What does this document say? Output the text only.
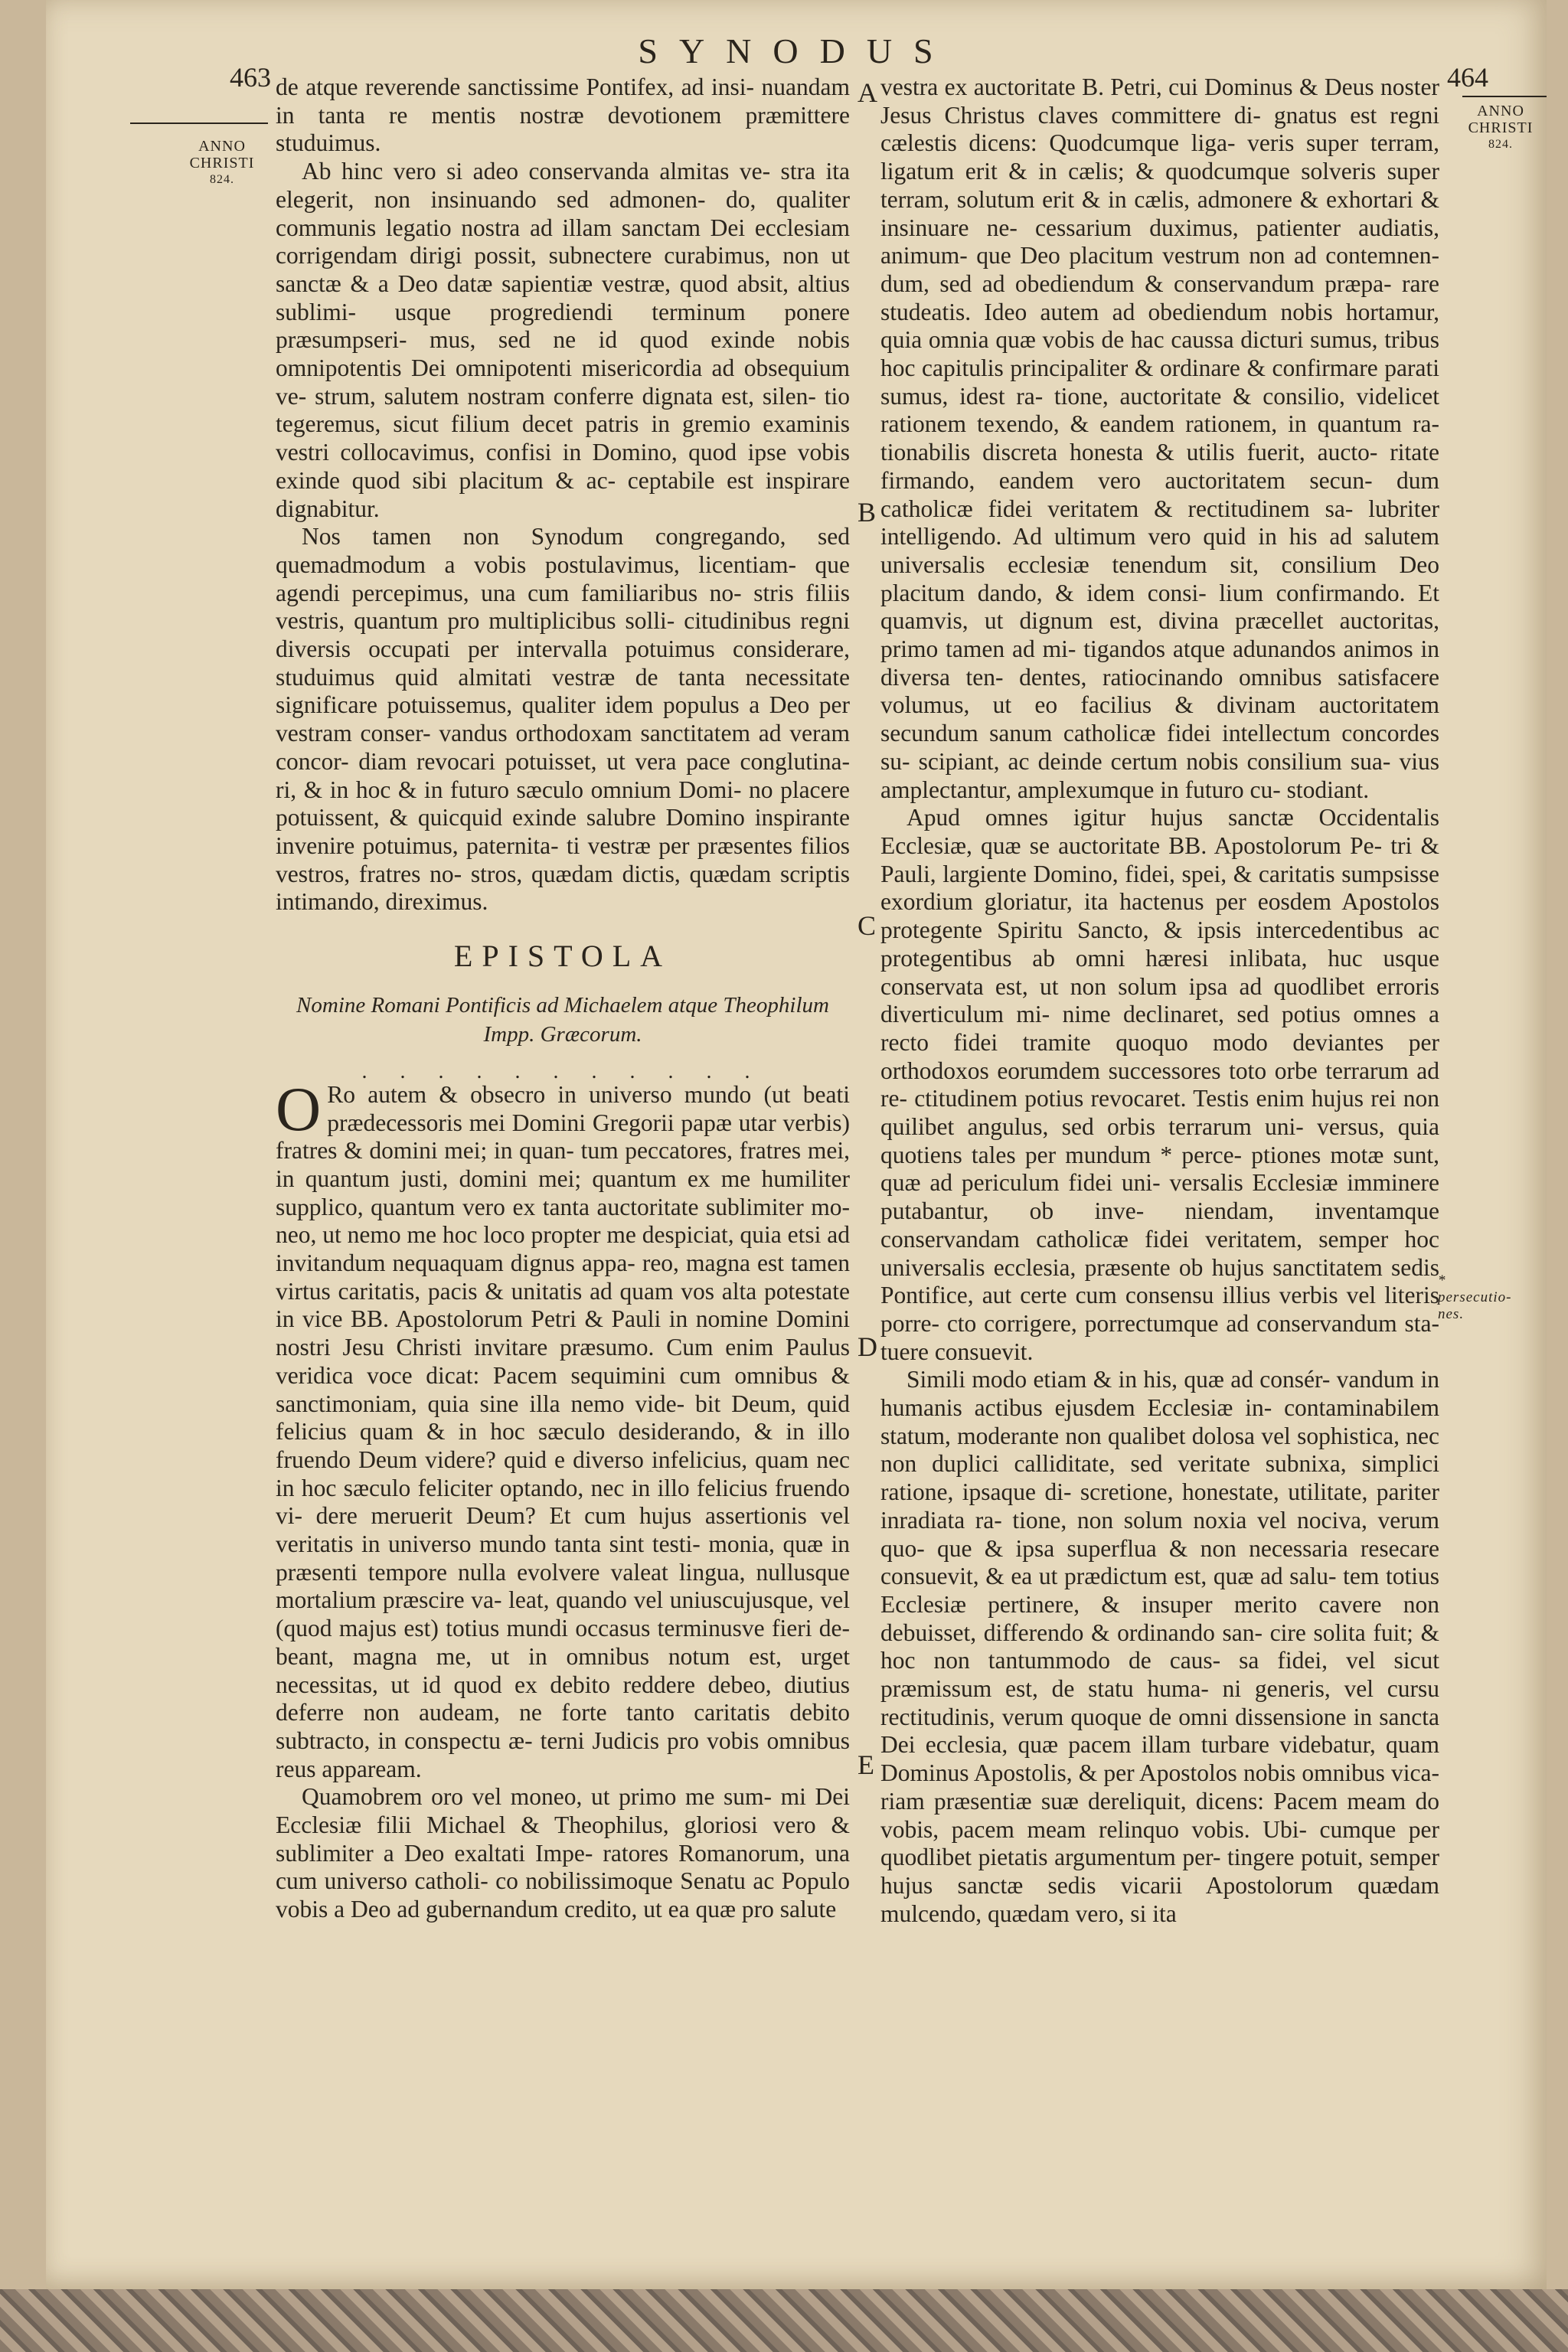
SYNODUS
463	464
ANNO
CHRISTI
824.
ANNO
CHRISTI
824.
* persecutio-
nes.
A
B
C
D
E

de atque reverende sanctissime Pontifex, ad insi- nuandam in tanta re mentis nostræ devotionem præmittere studuimus.

Ab hinc vero si adeo conservanda almitas ve- stra ita elegerit, non insinuando sed admonen- do, qualiter communis legatio nostra ad illam sanctam Dei ecclesiam corrigendam dirigi possit, subnectere curabimus, non ut sanctæ & a Deo datæ sapientiæ vestræ, quod absit, altius sublimi- usque progrediendi terminum ponere præsumpseri- mus, sed ne id quod exinde nobis omnipotentis Dei omnipotenti misericordia ad obsequium ve- strum, salutem nostram conferre dignata est, silen- tio tegeremus, sicut filium decet patris in gremio examinis vestri collocavimus, confisi in Domino, quod ipse vobis exinde quod sibi placitum & ac- ceptabile est inspirare dignabitur.

Nos tamen non Synodum congregando, sed quemadmodum a vobis postulavimus, licentiam- que agendi percepimus, una cum familiaribus no- stris filiis vestris, quantum pro multiplicibus solli- citudinibus regni diversis occupati per intervalla potuimus considerare, studuimus quid almitati vestræ de tanta necessitate significare potuissemus, qualiter idem populus a Deo per vestram conser- vandus orthodoxam sanctitatem ad veram concor- diam revocari potuisset, ut vera pace conglutina- ri, & in hoc & in futuro sæculo omnium Domi- no placere potuissent, & quicquid exinde salubre Domino inspirante invenire potuimus, paternita- ti vestræ per præsentes filios vestros, fratres no- stros, quædam dictis, quædam scriptis intimando, direximus.

EPISTOLA
Nomine Romani Pontificis ad Michaelem atque Theophilum Impp. Græcorum.
. . . . . . . . . . .

O Ro autem & obsecro in universo mundo (ut beati prædecessoris mei Domini Gregorii papæ utar verbis) fratres & domini mei; in quan- tum peccatores, fratres mei, in quantum justi, domini mei; quantum ex me humiliter supplico, quantum vero ex tanta auctoritate sublimiter mo- neo, ut nemo me hoc loco propter me despiciat, quia etsi ad invitandum nequaquam dignus appa- reo, magna est tamen virtus caritatis, pacis & unitatis ad quam vos alta potestate in vice BB. Apostolorum Petri & Pauli in nomine Domini nostri Jesu Christi invitare præsumo. Cum enim Paulus veridica voce dicat: Pacem sequimini cum omnibus & sanctimoniam, quia sine illa nemo vide- bit Deum, quid felicius quam & in hoc sæculo desiderando, & in illo fruendo Deum videre? quid e diverso infelicius, quam nec in hoc sæculo feliciter optando, nec in illo felicius fruendo vi- dere meruerit Deum? Et cum hujus assertionis vel veritatis in universo mundo tanta sint testi- monia, quæ in præsenti tempore nulla evolvere valeat lingua, nullusque mortalium præscire va- leat, quando vel uniuscujusque, vel (quod majus est) totius mundi occasus terminusve fieri de- beant, magna me, ut in omnibus notum est, urget necessitas, ut id quod ex debito reddere debeo, diutius deferre non audeam, ne forte tanto caritatis debito subtracto, in conspectu æ- terni Judicis pro vobis omnibus reus appaream.

Quamobrem oro vel moneo, ut primo me sum- mi Dei Ecclesiæ filii Michael & Theophilus, gloriosi vero & sublimiter a Deo exaltati Impe- ratores Romanorum, una cum universo catholi- co nobilissimoque Senatu ac Populo vobis a Deo ad gubernandum credito, ut ea quæ pro salute

vestra ex auctoritate B. Petri, cui Dominus & Deus noster Jesus Christus claves committere di- gnatus est regni cælestis dicens: Quodcumque liga- veris super terram, ligatum erit & in cælis; & quodcumque solveris super terram, solutum erit & in cælis, admonere & exhortari & insinuare ne- cessarium duximus, patienter audiatis, animum- que Deo placitum vestrum non ad contemnen- dum, sed ad obediendum & conservandum præpa- rare studeatis. Ideo autem ad obediendum nobis hortamur, quia omnia quæ vobis de hac caussa dicturi sumus, tribus hoc capitulis principaliter & ordinare & confirmare parati sumus, idest ra- tione, auctoritate & consilio, videlicet rationem texendo, & eandem rationem, in quantum ra- tionabilis discreta honesta & utilis fuerit, aucto- ritate firmando, eandem vero auctoritatem secun- dum catholicæ fidei veritatem & rectitudinem sa- lubriter intelligendo. Ad ultimum vero quid in his ad salutem universalis ecclesiæ tenendum sit, consilium Deo placitum dando, & idem consi- lium confirmando. Et quamvis, ut dignum est, divina præcellet auctoritas, primo tamen ad mi- tigandos atque adunandos animos in diversa ten- dentes, ratiocinando omnibus satisfacere volumus, ut eo facilius & divinam auctoritatem secundum sanum catholicæ fidei intellectum concordes su- scipiant, ac deinde certum nobis consilium sua- vius amplectantur, amplexumque in futuro cu- stodiant.

Apud omnes igitur hujus sanctæ Occidentalis Ecclesiæ, quæ se auctoritate BB. Apostolorum Pe- tri & Pauli, largiente Domino, fidei, spei, & caritatis sumpsisse exordium gloriatur, ita hactenus per eosdem Apostolos protegente Spiritu Sancto, & ipsis intercedentibus ac protegentibus ab omni hæresi inlibata, huc usque conservata est, ut non solum ipsa ad quodlibet erroris diverticulum mi- nime declinaret, sed potius omnes a recto fidei tramite quoquo modo deviantes per orthodoxos eorumdem successores toto orbe terrarum ad re- ctitudinem potius revocaret. Testis enim hujus rei non quilibet angulus, sed orbis terrarum uni- versus, quia quotiens tales per mundum * perce- ptiones motæ sunt, quæ ad periculum fidei uni- versalis Ecclesiæ imminere putabantur, ob inve- niendam, inventamque conservandam catholicæ fidei veritatem, semper hoc universalis ecclesia, præsente ob hujus sanctitatem sedis Pontifice, aut certe cum consensu illius verbis vel literis porre- cto corrigere, porrectumque ad conservandum sta- tuere consuevit.

Simili modo etiam & in his, quæ ad consér- vandum in humanis actibus ejusdem Ecclesiæ in- contaminabilem statum, moderante non qualibet dolosa vel sophistica, nec non duplici calliditate, sed veritate subnixa, simplici ratione, ipsaque di- scretione, honestate, utilitate, pariter inradiata ra- tione, non solum noxia vel nociva, verum quo- que & ipsa superflua & non necessaria resecare consuevit, & ea ut prædictum est, quæ ad salu- tem totius Ecclesiæ pertinere, & insuper merito cavere non debuisset, differendo & ordinando san- cire solita fuit; & hoc non tantummodo de caus- sa fidei, vel sicut præmissum est, de statu huma- ni generis, vel cursu rectitudinis, verum quoque de omni dissensione in sancta Dei ecclesia, quæ pacem illam turbare videbatur, quam Dominus Apostolis, & per Apostolos nobis omnibus vica- riam præsentiæ suæ dereliquit, dicens: Pacem meam do vobis, pacem meam relinquo vobis. Ubi- cumque per quodlibet pietatis argumentum per- tingere potuit, semper hujus sanctæ sedis vicarii Apostolorum quædam mulcendo, quædam vero, si ita
